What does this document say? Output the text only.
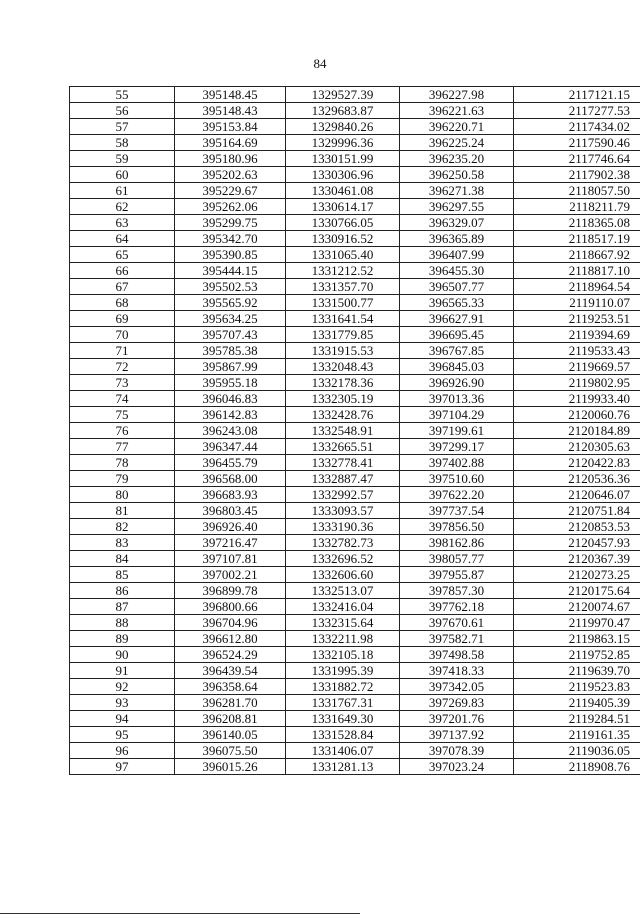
84
55	395148.45	1329527.39	396227.98	2117121.15
56	395148.43	1329683.87	396221.63	2117277.53
57	395153.84	1329840.26	396220.71	2117434.02
58	395164.69	1329996.36	396225.24	2117590.46
59	395180.96	1330151.99	396235.20	2117746.64
60	395202.63	1330306.96	396250.58	2117902.38
61	395229.67	1330461.08	396271.38	2118057.50
62	395262.06	1330614.17	396297.55	2118211.79
63	395299.75	1330766.05	396329.07	2118365.08
64	395342.70	1330916.52	396365.89	2118517.19
65	395390.85	1331065.40	396407.99	2118667.92
66	395444.15	1331212.52	396455.30	2118817.10
67	395502.53	1331357.70	396507.77	2118964.54
68	395565.92	1331500.77	396565.33	2119110.07
69	395634.25	1331641.54	396627.91	2119253.51
70	395707.43	1331779.85	396695.45	2119394.69
71	395785.38	1331915.53	396767.85	2119533.43
72	395867.99	1332048.43	396845.03	2119669.57
73	395955.18	1332178.36	396926.90	2119802.95
74	396046.83	1332305.19	397013.36	2119933.40
75	396142.83	1332428.76	397104.29	2120060.76
76	396243.08	1332548.91	397199.61	2120184.89
77	396347.44	1332665.51	397299.17	2120305.63
78	396455.79	1332778.41	397402.88	2120422.83
79	396568.00	1332887.47	397510.60	2120536.36
80	396683.93	1332992.57	397622.20	2120646.07
81	396803.45	1333093.57	397737.54	2120751.84
82	396926.40	1333190.36	397856.50	2120853.53
83	397216.47	1332782.73	398162.86	2120457.93
84	397107.81	1332696.52	398057.77	2120367.39
85	397002.21	1332606.60	397955.87	2120273.25
86	396899.78	1332513.07	397857.30	2120175.64
87	396800.66	1332416.04	397762.18	2120074.67
88	396704.96	1332315.64	397670.61	2119970.47
89	396612.80	1332211.98	397582.71	2119863.15
90	396524.29	1332105.18	397498.58	2119752.85
91	396439.54	1331995.39	397418.33	2119639.70
92	396358.64	1331882.72	397342.05	2119523.83
93	396281.70	1331767.31	397269.83	2119405.39
94	396208.81	1331649.30	397201.76	2119284.51
95	396140.05	1331528.84	397137.92	2119161.35
96	396075.50	1331406.07	397078.39	2119036.05
97	396015.26	1331281.13	397023.24	2118908.76
